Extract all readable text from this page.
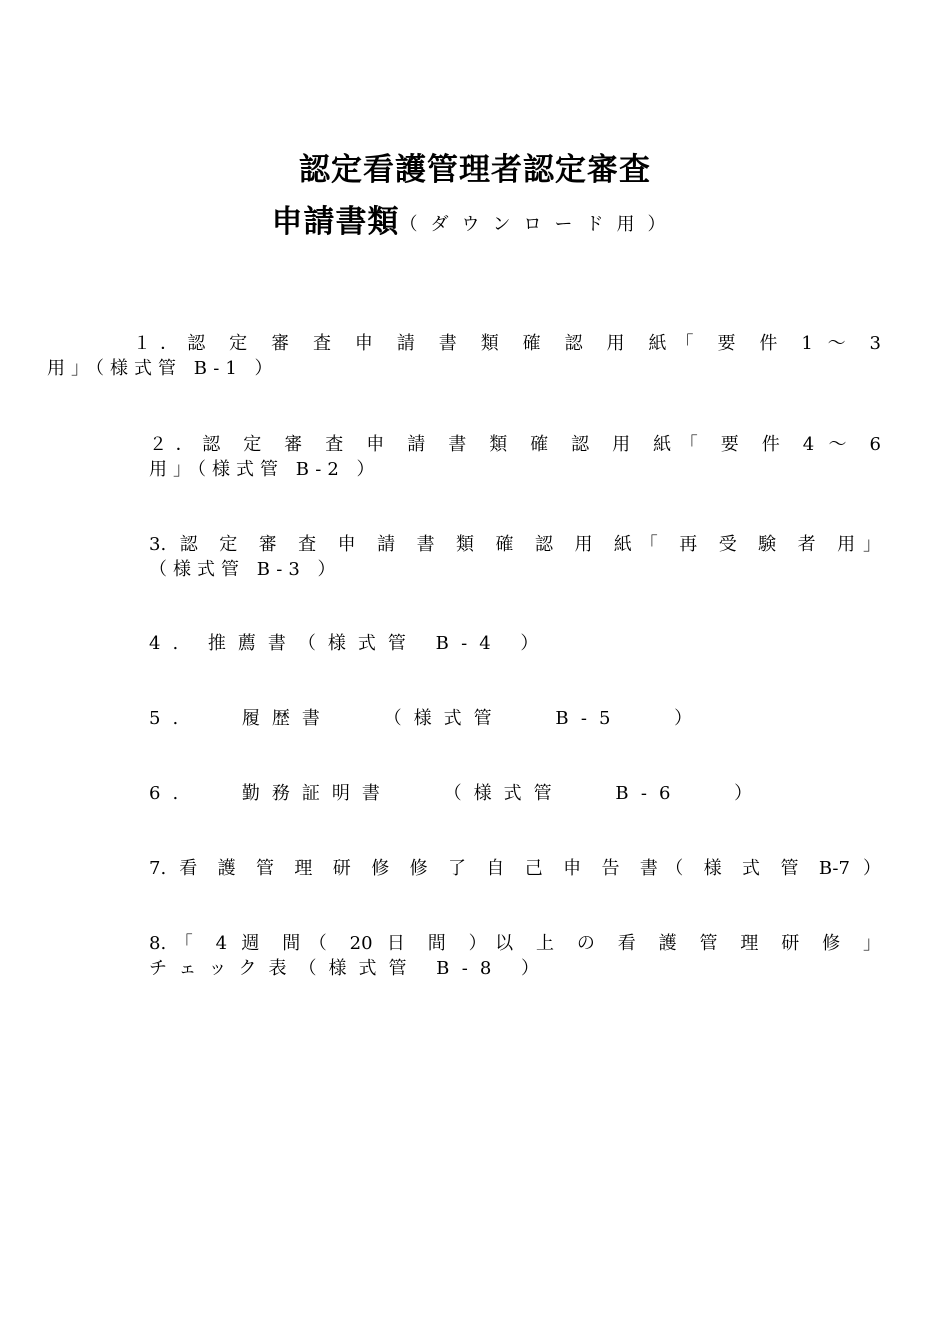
認定看護管理者認定審査
申請書類（ダウンロード用）
１．認 定 審 査 申 請 書 類 確 認 用 紙「 要 件 1 ～ 3
用」（様式管 B-1 ）
２．認 定 審 査 申 請 書 類 確 認 用 紙「 要 件 4 ～ 6
用」（様式管 B-2 ）
3. 認 定 審 査 申 請 書 類 確 認 用 紙「 再 受 験 者 用」
（様式管 B-3 ）
4. 推薦書（様式管 B-4 ）
5. 履歴書 （様式管 B-5 ）
6. 勤務証明書 （様式管 B-6 ）
7. 看 護 管 理 研 修 修 了 自 己 申 告 書（ 様 式 管 B-7 ）
8.「 4 週 間（ 20 日 間 ）以 上 の 看 護 管 理 研 修 」
チェック表（様式管 B-8 ）
